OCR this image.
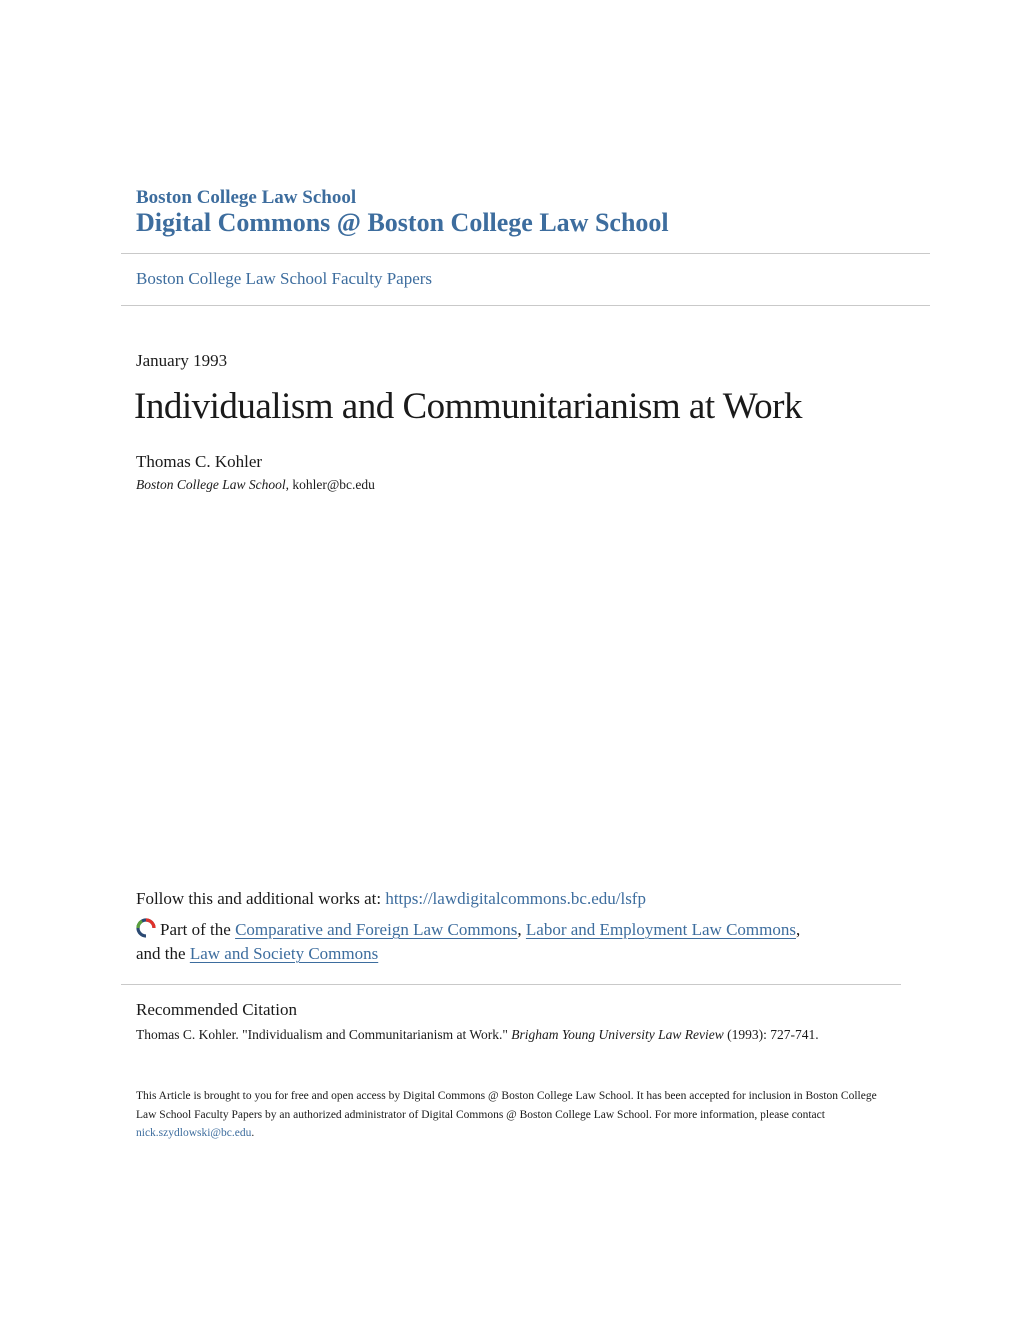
Boston College Law School
Digital Commons @ Boston College Law School
Boston College Law School Faculty Papers
January 1993
Individualism and Communitarianism at Work
Thomas C. Kohler
Boston College Law School, kohler@bc.edu
Follow this and additional works at: https://lawdigitalcommons.bc.edu/lsfp
Part of the Comparative and Foreign Law Commons, Labor and Employment Law Commons,
and the Law and Society Commons
Recommended Citation
Thomas C. Kohler. "Individualism and Communitarianism at Work." Brigham Young University Law Review (1993): 727-741.
This Article is brought to you for free and open access by Digital Commons @ Boston College Law School. It has been accepted for inclusion in Boston College Law School Faculty Papers by an authorized administrator of Digital Commons @ Boston College Law School. For more information, please contact nick.szydlowski@bc.edu.
